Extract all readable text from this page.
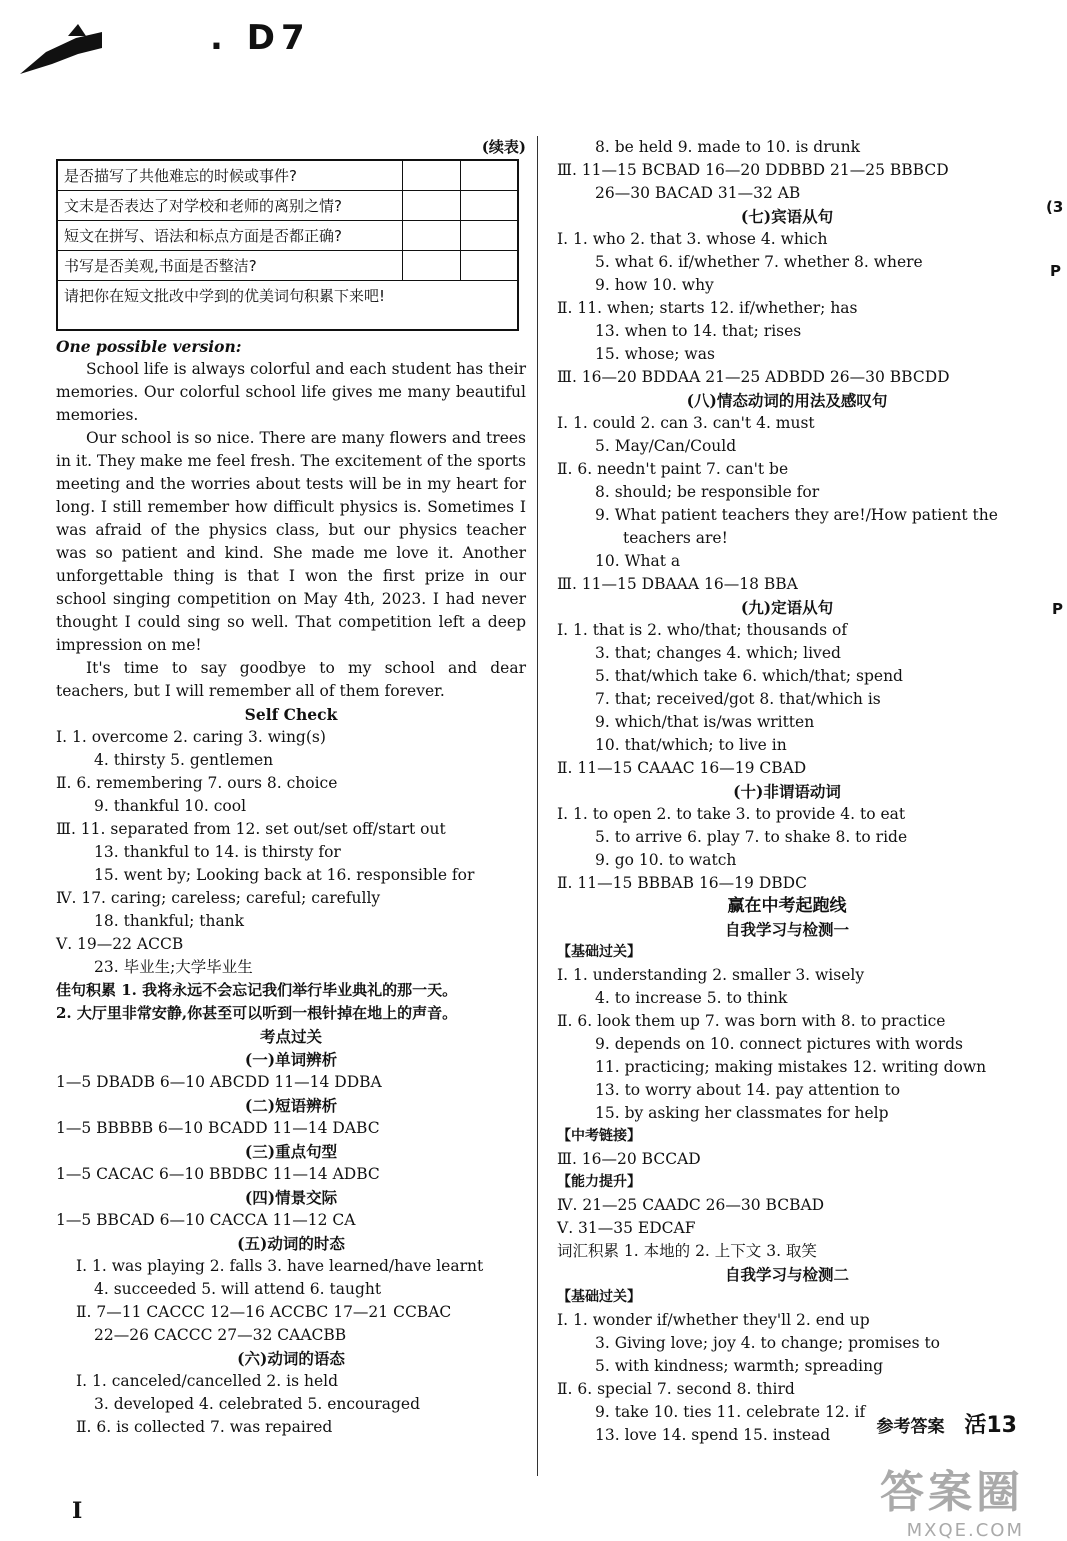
. D7
(续表)
是否描写了共他难忘的时候或事件?		
文末是否表达了对学校和老师的离别之情?		
短文在拼写、语法和标点方面是否都正确?		
书写是否美观,书面是否整洁?		
请把你在短文批改中学到的优美词句积累下来吧!		
One possible version:
School life is always colorful and each student has their memories. Our colorful school life gives me many beautiful memories.
Our school is so nice. There are many flowers and trees in it. They make me feel fresh. The excitement of the sports meeting and the worries about tests will be in my heart for long. I still remember how difficult physics is. Sometimes I was afraid of the physics class, but our physics teacher was so patient and kind. She made me love it. Another unforgettable thing is that I won the first prize in our school singing competition on May 4th, 2023. I had never thought I could sing so well. That competition left a deep impression on me!
It's time to say goodbye to my school and dear teachers, but I will remember all of them forever.
Self Check
Ⅰ. 1. overcome 2. caring 3. wing(s)
4. thirsty 5. gentlemen
Ⅱ. 6. remembering 7. ours 8. choice
9. thankful 10. cool
Ⅲ. 11. separated from 12. set out/set off/start out
13. thankful to 14. is thirsty for
15. went by; Looking back at 16. responsible for
Ⅳ. 17. caring; careless; careful; carefully
18. thankful; thank
Ⅴ. 19—22 ACCB
23. 毕业生;大学毕业生
佳句积累 1. 我将永远不会忘记我们举行毕业典礼的那一天。
2. 大厅里非常安静,你甚至可以听到一根针掉在地上的声音。
考点过关
(一)单词辨析
1—5 DBADB 6—10 ABCDD 11—14 DDBA
(二)短语辨析
1—5 BBBBB 6—10 BCADD 11—14 DABC
(三)重点句型
1—5 CACAC 6—10 BBDBC 11—14 ADBC
(四)情景交际
1—5 BBCAD 6—10 CACCA 11—12 CA
(五)动词的时态
Ⅰ. 1. was playing 2. falls 3. have learned/have learnt
4. succeeded 5. will attend 6. taught
Ⅱ. 7—11 CACCC 12—16 ACCBC 17—21 CCBAC
22—26 CACCC 27—32 CAACBB
(六)动词的语态
Ⅰ. 1. canceled/cancelled 2. is held
3. developed 4. celebrated 5. encouraged
Ⅱ. 6. is collected 7. was repaired
8. be held 9. made to 10. is drunk
Ⅲ. 11—15 BCBAD 16—20 DDBBD 21—25 BBBCD
26—30 BACAD 31—32 AB
(七)宾语从句
Ⅰ. 1. who 2. that 3. whose 4. which
5. what 6. if/whether 7. whether 8. where
9. how 10. why
Ⅱ. 11. when; starts 12. if/whether; has
13. when to 14. that; rises
15. whose; was
Ⅲ. 16—20 BDDAA 21—25 ADBDD 26—30 BBCDD
(八)情态动词的用法及感叹句
Ⅰ. 1. could 2. can 3. can't 4. must
5. May/Can/Could
Ⅱ. 6. needn't paint 7. can't be
8. should; be responsible for
9. What patient teachers they are!/How patient the
teachers are!
10. What a
Ⅲ. 11—15 DBAAA 16—18 BBA
(九)定语从句
Ⅰ. 1. that is 2. who/that; thousands of
3. that; changes 4. which; lived
5. that/which take 6. which/that; spend
7. that; received/got 8. that/which is
9. which/that is/was written
10. that/which; to live in
Ⅱ. 11—15 CAAAC 16—19 CBAD
(十)非谓语动词
Ⅰ. 1. to open 2. to take 3. to provide 4. to eat
5. to arrive 6. play 7. to shake 8. to ride
9. go 10. to watch
Ⅱ. 11—15 BBBAB 16—19 DBDC
赢在中考起跑线
自我学习与检测一
【基础过关】
Ⅰ. 1. understanding 2. smaller 3. wisely
4. to increase 5. to think
Ⅱ. 6. look them up 7. was born with 8. to practice
9. depends on 10. connect pictures with words
11. practicing; making mistakes 12. writing down
13. to worry about 14. pay attention to
15. by asking her classmates for help
【中考链接】
Ⅲ. 16—20 BCCAD
【能力提升】
Ⅳ. 21—25 CAADC 26—30 BCBAD
Ⅴ. 31—35 EDCAF
词汇积累 1. 本地的 2. 上下文 3. 取笑
自我学习与检测二
【基础过关】
Ⅰ. 1. wonder if/whether they'll 2. end up
3. Giving love; joy 4. to change; promises to
5. with kindness; warmth; spreading
Ⅱ. 6. special 7. second 8. third
9. take 10. ties 11. celebrate 12. if
13. love 14. spend 15. instead
(3
P
P
参考答案 活13
答案圈
MXQE.COM
I
